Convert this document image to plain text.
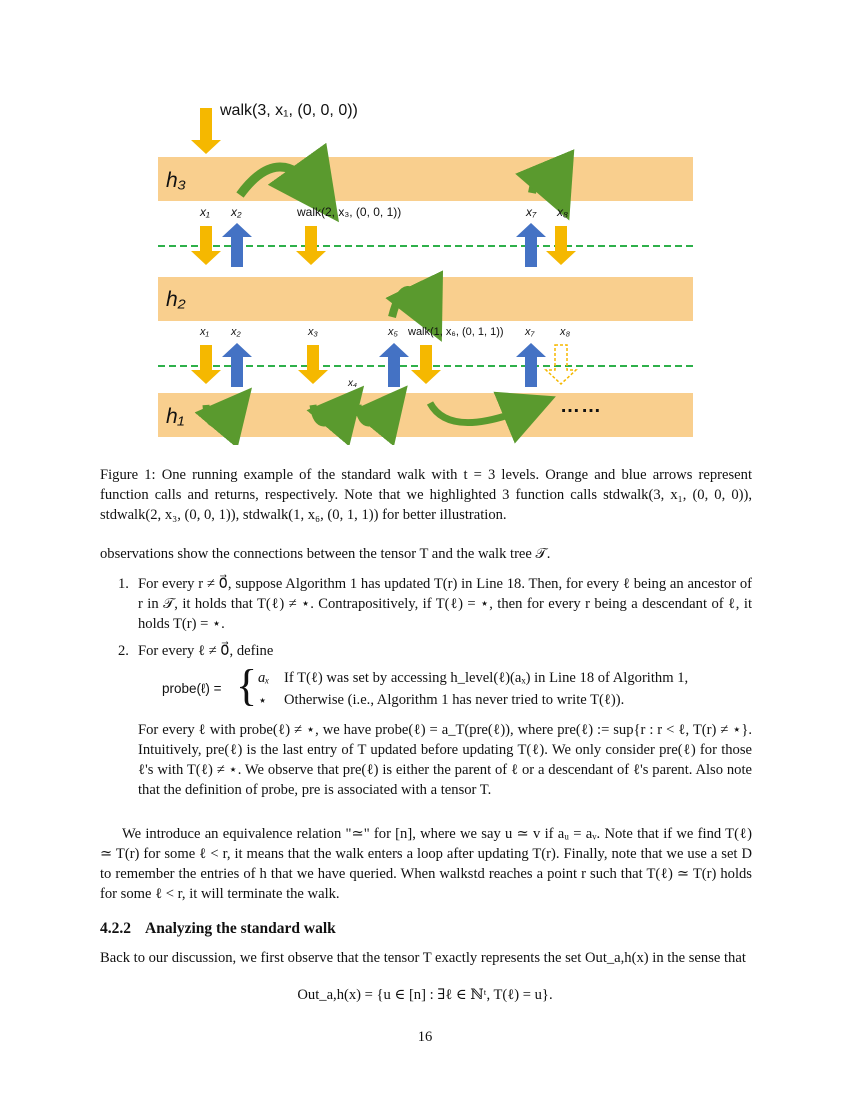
walk(3, x₁, (0, 0, 0))
h₃
h₂
h₁
x₁ x₂	walk(2, x₃, (0, 0, 1))	x₇ x₈
x₁ x₂	x₃	x₅ walk(1, x₆, (0, 1, 1)) x₇ x₈
x₄
……
Figure 1: One running example of the standard walk with t = 3 levels. Orange and blue arrows represent function calls and returns, respectively. Note that we highlighted 3 function calls stdwalk(3, x₁, (0, 0, 0)), stdwalk(2, x₃, (0, 0, 1)), stdwalk(1, x₆, (0, 1, 1)) for better illustration.
observations show the connections between the tensor T and the walk tree 𝒯.
1. For every r ≠ 0⃗, suppose Algorithm 1 has updated T(r) in Line 18. Then, for every ℓ being an ancestor of r in 𝒯, it holds that T(ℓ) ≠ ⋆. Contrapositively, if T(ℓ) = ⋆, then for every r being a descendant of ℓ, it holds T(r) = ⋆.
2. For every ℓ ≠ 0⃗, define
probe(ℓ) = { aₓ If T(ℓ) was set by accessing h_level(ℓ)(aₓ) in Line 18 of Algorithm 1,
⋆ Otherwise (i.e., Algorithm 1 has never tried to write T(ℓ)).
For every ℓ with probe(ℓ) ≠ ⋆, we have probe(ℓ) = a_T(pre(ℓ)), where pre(ℓ) := sup{r : r < ℓ, T(r) ≠ ⋆}. Intuitively, pre(ℓ) is the last entry of T updated before updating T(ℓ). We only consider pre(ℓ) for those ℓ's with T(ℓ) ≠ ⋆. We observe that pre(ℓ) is either the parent of ℓ or a descendant of ℓ's parent. Also note that the definition of probe, pre is associated with a tensor T.
We introduce an equivalence relation "≃" for [n], where we say u ≃ v if aᵤ = aᵥ. Note that if we find T(ℓ) ≃ T(r) for some ℓ < r, it means that the walk enters a loop after updating T(r). Finally, note that we use a set D to remember the entries of h that we have queried. When walkstd reaches a point r such that T(ℓ) ≃ T(r) holds for some ℓ < r, it will terminate the walk.
4.2.2 Analyzing the standard walk
Back to our discussion, we first observe that the tensor T exactly represents the set Out_a,h(x) in the sense that
Out_a,h(x) = {u ∈ [n] : ∃ℓ ∈ ℕᵗ, T(ℓ) = u}.
16
